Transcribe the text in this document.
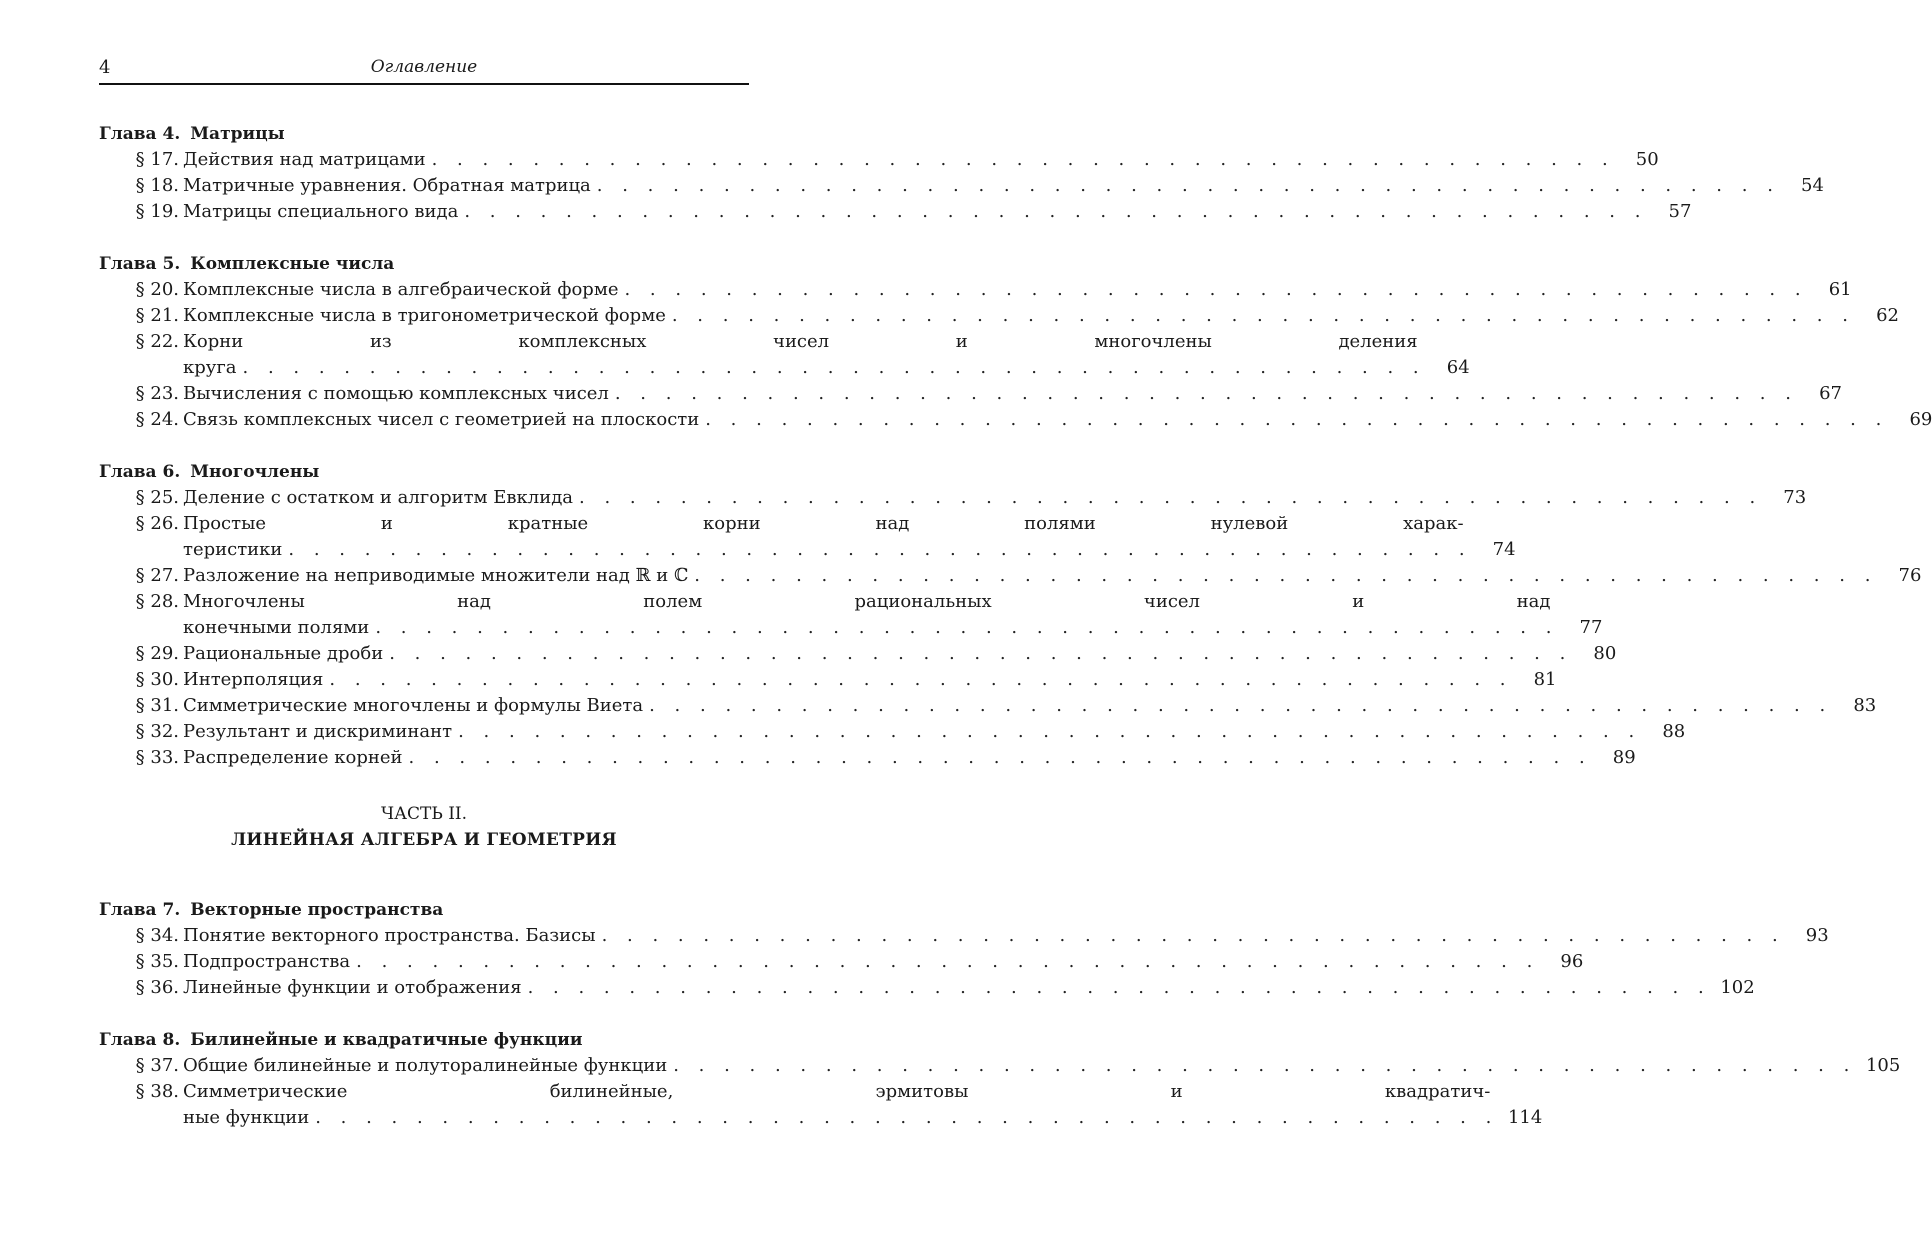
4	Оглавление
Глава 4. Матрицы
§ 17. Действия над матрицами . . . . . . . . . . . . . . . . . . . . . . . . . . . . . . . . . . . . . . . . . . . . . . .	50
§ 18. Матричные уравнения. Обратная матрица . . . . . . . . . . . . . . . . . . . . . . . . . . . . . . . . . . . . . . . . . . . . . . .	54
§ 19. Матрицы специального вида . . . . . . . . . . . . . . . . . . . . . . . . . . . . . . . . . . . . . . . . . . . . . . .	57
Глава 5. Комплексные числа
§ 20. Комплексные числа в алгебраической форме . . . . . . . . . . . . . . . . . . . . . . . . . . . . . . . . . . . . . . . . . . . . . . .	61
§ 21. Комплексные числа в тригонометрической форме . . . . . . . . . . . . . . . . . . . . . . . . . . . . . . . . . . . . . . . . . . . . . . .	62
§ 22. Корни из комплексных чисел и многочлены деления
круга . . . . . . . . . . . . . . . . . . . . . . . . . . . . . . . . . . . . . . . . . . . . . . .	64
§ 23. Вычисления с помощью комплексных чисел . . . . . . . . . . . . . . . . . . . . . . . . . . . . . . . . . . . . . . . . . . . . . . .	67
§ 24. Связь комплексных чисел с геометрией на плоскости . . . . . . . . . . . . . . . . . . . . . . . . . . . . . . . . . . . . . . . . . . . . . . .	69
Глава 6. Многочлены
§ 25. Деление с остатком и алгоритм Евклида . . . . . . . . . . . . . . . . . . . . . . . . . . . . . . . . . . . . . . . . . . . . . . .	73
§ 26. Простые и кратные корни над полями нулевой харак-
теристики . . . . . . . . . . . . . . . . . . . . . . . . . . . . . . . . . . . . . . . . . . . . . . .	74
§ 27. Разложение на неприводимые множители над ℝ и ℂ . . . . . . . . . . . . . . . . . . . . . . . . . . . . . . . . . . . . . . . . . . . . . . .	76
§ 28. Многочлены над полем рациональных чисел и над
конечными полями . . . . . . . . . . . . . . . . . . . . . . . . . . . . . . . . . . . . . . . . . . . . . . .	77
§ 29. Рациональные дроби . . . . . . . . . . . . . . . . . . . . . . . . . . . . . . . . . . . . . . . . . . . . . . .	80
§ 30. Интерполяция . . . . . . . . . . . . . . . . . . . . . . . . . . . . . . . . . . . . . . . . . . . . . . .	81
§ 31. Симметрические многочлены и формулы Виета . . . . . . . . . . . . . . . . . . . . . . . . . . . . . . . . . . . . . . . . . . . . . . .	83
§ 32. Результант и дискриминант . . . . . . . . . . . . . . . . . . . . . . . . . . . . . . . . . . . . . . . . . . . . . . .	88
§ 33. Распределение корней . . . . . . . . . . . . . . . . . . . . . . . . . . . . . . . . . . . . . . . . . . . . . . .	89
ЧАСТЬ II.
ЛИНЕЙНАЯ АЛГЕБРА И ГЕОМЕТРИЯ
Глава 7. Векторные пространства
§ 34. Понятие векторного пространства. Базисы . . . . . . . . . . . . . . . . . . . . . . . . . . . . . . . . . . . . . . . . . . . . . . .	93
§ 35. Подпространства . . . . . . . . . . . . . . . . . . . . . . . . . . . . . . . . . . . . . . . . . . . . . . .	96
§ 36. Линейные функции и отображения . . . . . . . . . . . . . . . . . . . . . . . . . . . . . . . . . . . . . . . . . . . . . . . 102
Глава 8. Билинейные и квадратичные функции
§ 37. Общие билинейные и полуторалинейные функции . . . . . . . . . . . . . . . . . . . . . . . . . . . . . . . . . . . . . . . . . . . . . . . 105
§ 38. Симметрические билинейные, эрмитовы и квадратич-
ные функции . . . . . . . . . . . . . . . . . . . . . . . . . . . . . . . . . . . . . . . . . . . . . . . 114
